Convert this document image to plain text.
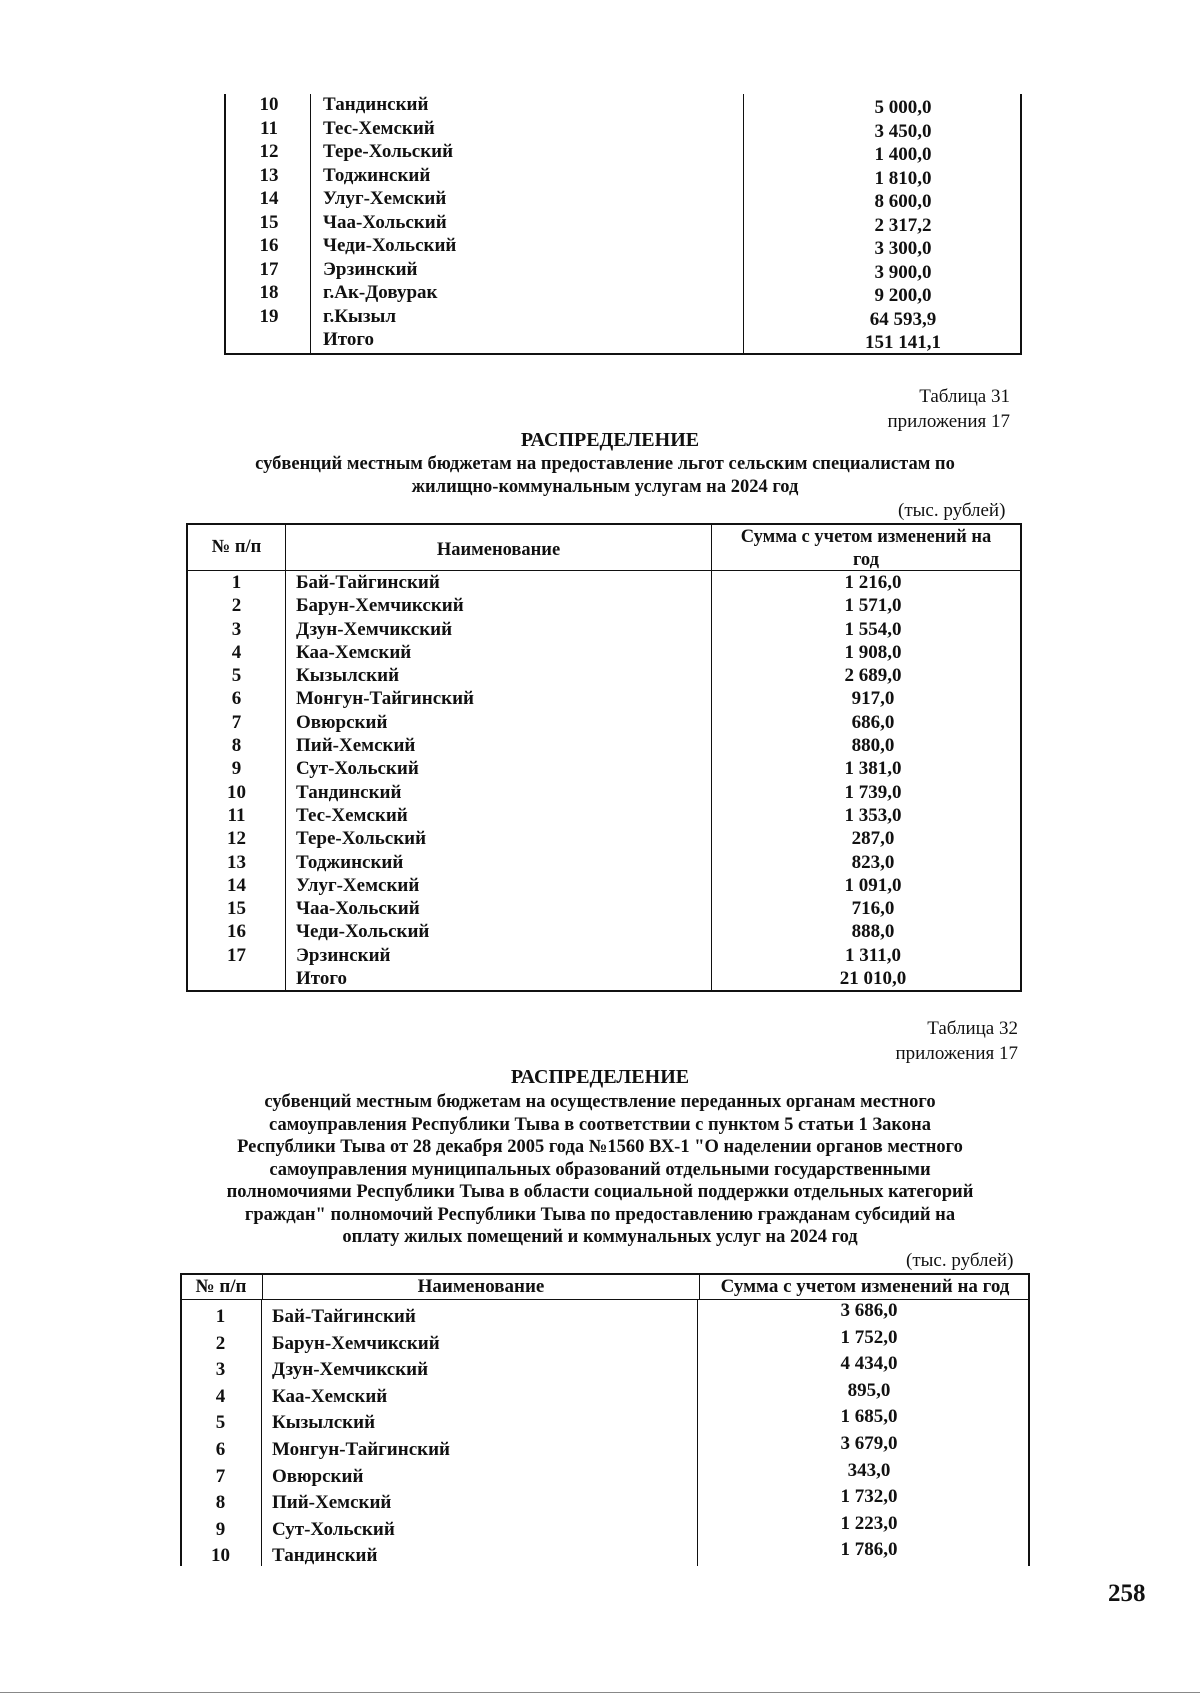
10	Тандинский	5 000,0
11	Тес-Хемский	3 450,0
12	Тере-Хольский	1 400,0
13	Тоджинский	1 810,0
14	Улуг-Хемский	8 600,0
15	Чаа-Хольский	2 317,2
16	Чеди-Хольский	3 300,0
17	Эрзинский	3 900,0
18	г.Ак-Довурак	9 200,0
19	г.Кызыл	64 593,9
Итого	151 141,1
Таблица 31
приложения 17
РАСПРЕДЕЛЕНИЕ
субвенций местным бюджетам на предоставление льгот сельским специалистам по
жилищно-коммунальным услугам на 2024 год
(тыс. рублей)
№ п/п	Наименование
Сумма с учетом изменений на
год
1	Бай-Тайгинский	1 216,0
2	Барун-Хемчикский	1 571,0
3	Дзун-Хемчикский	1 554,0
4	Каа-Хемский	1 908,0
5	Кызылский	2 689,0
6	Монгун-Тайгинский	917,0
7	Овюрский	686,0
8	Пий-Хемский	880,0
9	Сут-Хольский	1 381,0
10	Тандинский	1 739,0
11	Тес-Хемский	1 353,0
12	Тере-Хольский	287,0
13	Тоджинский	823,0
14	Улуг-Хемский	1 091,0
15	Чаа-Хольский	716,0
16	Чеди-Хольский	888,0
17	Эрзинский	1 311,0
Итого	21 010,0
Таблица 32
приложения 17
РАСПРЕДЕЛЕНИЕ
субвенций местным бюджетам на осуществление переданных органам местного
самоуправления Республики Тыва в соответствии с пунктом 5 статьи 1 Закона
Республики Тыва от 28 декабря 2005 года №1560 ВХ-1 "О наделении органов местного
самоуправления муниципальных образований отдельными государственными
полномочиями Республики Тыва в области социальной поддержки отдельных категорий
граждан" полномочий Республики Тыва по предоставлению гражданам субсидий на
оплату жилых помещений и коммунальных услуг на 2024 год
(тыс. рублей)
№ п/п	Наименование	Сумма с учетом изменений на год
1	Бай-Тайгинский	3 686,0
2	Барун-Хемчикский	1 752,0
3	Дзун-Хемчикский	4 434,0
4	Каа-Хемский	895,0
5	Кызылский	1 685,0
6	Монгун-Тайгинский	3 679,0
7	Овюрский	343,0
8	Пий-Хемский	1 732,0
9	Сут-Хольский	1 223,0
10	Тандинский	1 786,0
258
